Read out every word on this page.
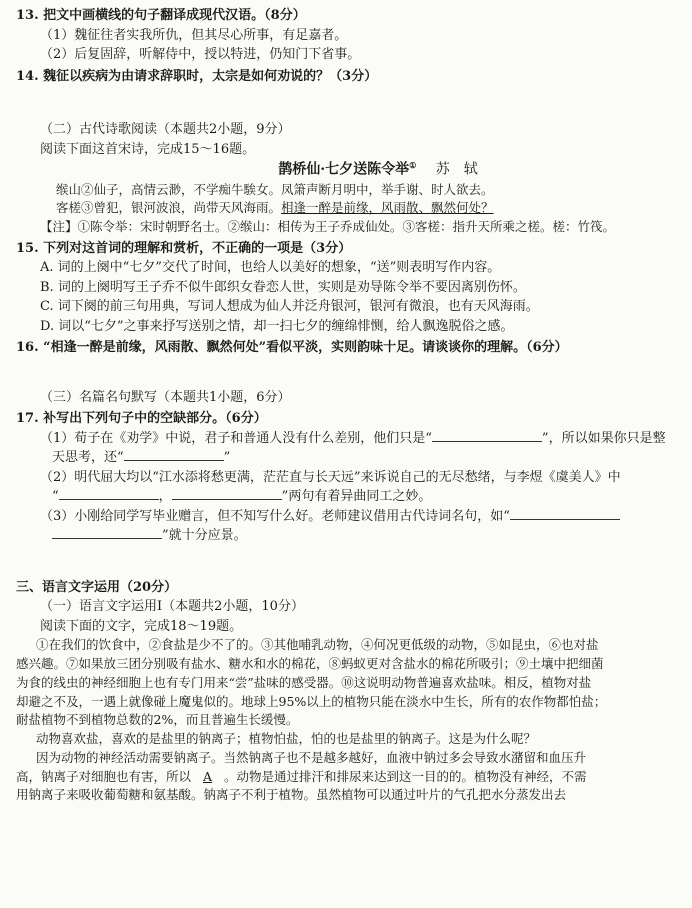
13. 把文中画横线的句子翻译成现代汉语。（8分）

（1）魏征往者实我所仇，但其尽心所事，有足嘉者。

（2）后复固辞，听解侍中，授以特进，仍知门下省事。

14. 魏征以疾病为由请求辞职时，太宗是如何劝说的？（3分）

（二）古代诗歌阅读（本题共2小题，9分）

阅读下面这首宋诗，完成15～16题。

鹊桥仙·七夕送陈令举① 苏　轼

缑山②仙子，高情云渺，不学痴牛騃女。凤箫声断月明中，举手谢、时人欲去。

客槎③曾犯，银河波浪，尚带天风海雨。相逢一醉是前缘，风雨散、飘然何处？

【注】①陈令举：宋时朝野名士。②缑山：相传为王子乔成仙处。③客槎：指升天所乘之槎。槎：竹筏。

15. 下列对这首词的理解和赏析，不正确的一项是（3分）

A. 词的上阕中“七夕”交代了时间，也给人以美好的想象，“送”则表明写作内容。

B. 词的上阕明写王子乔不似牛郎织女眷恋人世，实则是劝导陈令举不要因离别伤怀。

C. 词下阕的前三句用典，写词人想成为仙人并泛舟银河，银河有微浪，也有天风海雨。

D. 词以“七夕”之事来抒写送别之情，却一扫七夕的缠绵悱恻，给人飘逸脱俗之感。

16. “相逢一醉是前缘，风雨散、飘然何处”看似平淡，实则韵味十足。请谈谈你的理解。（6分）

（三）名篇名句默写（本题共1小题，6分）

17. 补写出下列句子中的空缺部分。（6分）

（1）荀子在《劝学》中说，君子和普通人没有什么差别，他们只是“	”，所以如果你只是整

天思考，还“	”

（2）明代屈大均以“江水添将愁更满，茫茫直与长天远”来诉说自己的无尽愁绪，与李煜《虞美人》中

“	，	”两句有着异曲同工之妙。

（3）小刚给同学写毕业赠言，但不知写什么好。老师建议借用古代诗词名句，如“

”就十分应景。

三、语言文字运用（20分）

（一）语言文字运用Ⅰ（本题共2小题，10分）

阅读下面的文字，完成18～19题。

①在我们的饮食中，②食盐是少不了的。③其他哺乳动物，④何况更低级的动物，⑤如昆虫，⑥也对盐

感兴趣。⑦如果放三团分别吸有盐水、糖水和水的棉花，⑧蚂蚁更对含盐水的棉花所吸引；⑨土壤中把细菌

为食的线虫的神经细胞上也有专门用来“尝”盐味的感受器。⑩这说明动物普遍喜欢盐味。相反，植物对盐

却避之不及，一遇上就像碰上魔鬼似的。地球上95%以上的植物只能在淡水中生长，所有的农作物都怕盐；

耐盐植物不到植物总数的2%，而且普遍生长缓慢。

动物喜欢盐，喜欢的是盐里的钠离子；植物怕盐，怕的也是盐里的钠离子。这是为什么呢？

因为动物的神经活动需要钠离子。当然钠离子也不是越多越好，血液中钠过多会导致水潴留和血压升

高，钠离子对细胞也有害，所以 A 。动物是通过排汗和排尿来达到这一目的的。植物没有神经，不需

用钠离子来吸收葡萄糖和氨基酸。钠离子不利于植物。虽然植物可以通过叶片的气孔把水分蒸发出去
